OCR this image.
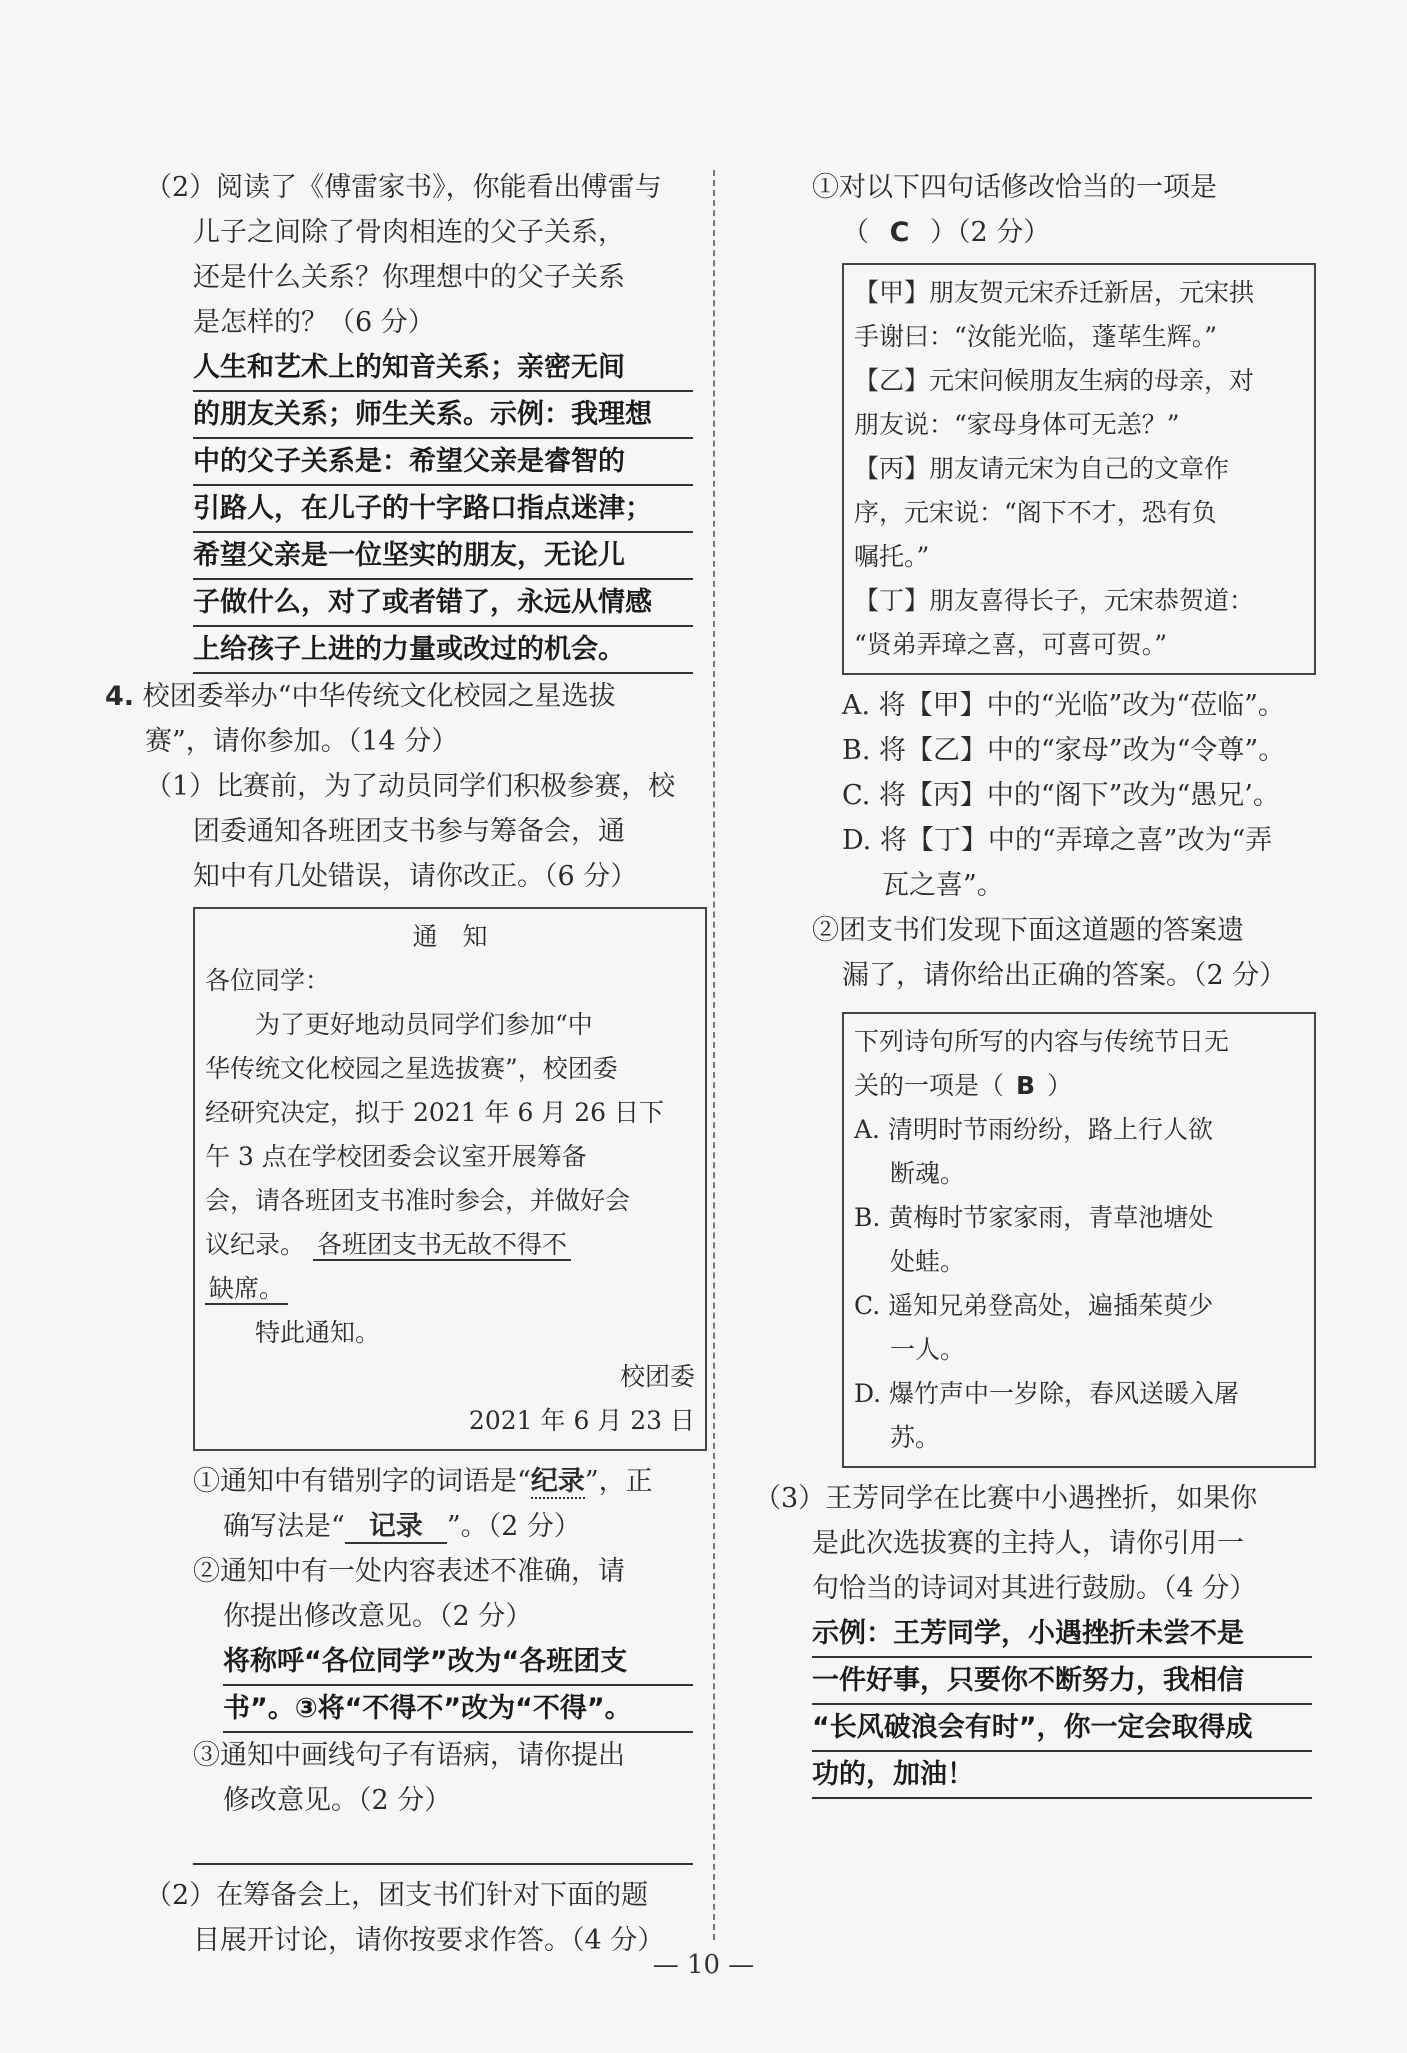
（2）阅读了《傅雷家书》，你能看出傅雷与
儿子之间除了骨肉相连的父子关系，
还是什么关系？你理想中的父子关系
是怎样的？（6 分）
人生和艺术上的知音关系；亲密无间
的朋友关系；师生关系。示例：我理想
中的父子关系是：希望父亲是睿智的
引路人，在儿子的十字路口指点迷津；
希望父亲是一位坚实的朋友，无论儿
子做什么，对了或者错了，永远从情感
上给孩子上进的力量或改过的机会。
4. 校团委举办“中华传统文化校园之星选拔
赛”，请你参加。（14 分）
（1）比赛前，为了动员同学们积极参赛，校
团委通知各班团支书参与筹备会，通
知中有几处错误，请你改正。（6 分）
通　知
各位同学：
为了更好地动员同学们参加“中
华传统文化校园之星选拔赛”，校团委
经研究决定，拟于 2021 年 6 月 26 日下
午 3 点在学校团委会议室开展筹备
会，请各班团支书准时参会，并做好会
议纪录。 各班团支书无故不得不
缺席。
特此通知。
校团委
2021 年 6 月 23 日
①通知中有错别字的词语是“纪录”，正
确写法是“ 记录 ”。（2 分）
②通知中有一处内容表述不准确，请
你提出修改意见。（2 分）
将称呼“各位同学”改为“各班团支
书”。③将“不得不”改为“不得”。
③通知中画线句子有语病，请你提出
修改意见。（2 分）
（2）在筹备会上，团支书们针对下面的题
目展开讨论，请你按要求作答。（4 分）
①对以下四句话修改恰当的一项是
（ C ）（2 分）
【甲】朋友贺元宋乔迁新居，元宋拱
手谢曰：“汝能光临，蓬荜生辉。”
【乙】元宋问候朋友生病的母亲，对
朋友说：“家母身体可无恙？”
【丙】朋友请元宋为自己的文章作
序，元宋说：“阁下不才，恐有负
嘱托。”
【丁】朋友喜得长子，元宋恭贺道：
“贤弟弄璋之喜，可喜可贺。”
A. 将【甲】中的“光临”改为“莅临”。
B. 将【乙】中的“家母”改为“令尊”。
C. 将【丙】中的“阁下”改为“愚兄’。
D. 将【丁】中的“弄璋之喜”改为“弄
瓦之喜”。
②团支书们发现下面这道题的答案遗
漏了，请你给出正确的答案。（2 分）
下列诗句所写的内容与传统节日无
关的一项是（ B ）
A. 清明时节雨纷纷，路上行人欲
断魂。
B. 黄梅时节家家雨，青草池塘处
处蛙。
C. 遥知兄弟登高处，遍插茱萸少
一人。
D. 爆竹声中一岁除，春风送暖入屠
苏。
（3）王芳同学在比赛中小遇挫折，如果你
是此次选拔赛的主持人，请你引用一
句恰当的诗词对其进行鼓励。（4 分）
示例：王芳同学，小遇挫折未尝不是
一件好事，只要你不断努力，我相信
“长风破浪会有时”，你一定会取得成
功的，加油！
— 10 —
